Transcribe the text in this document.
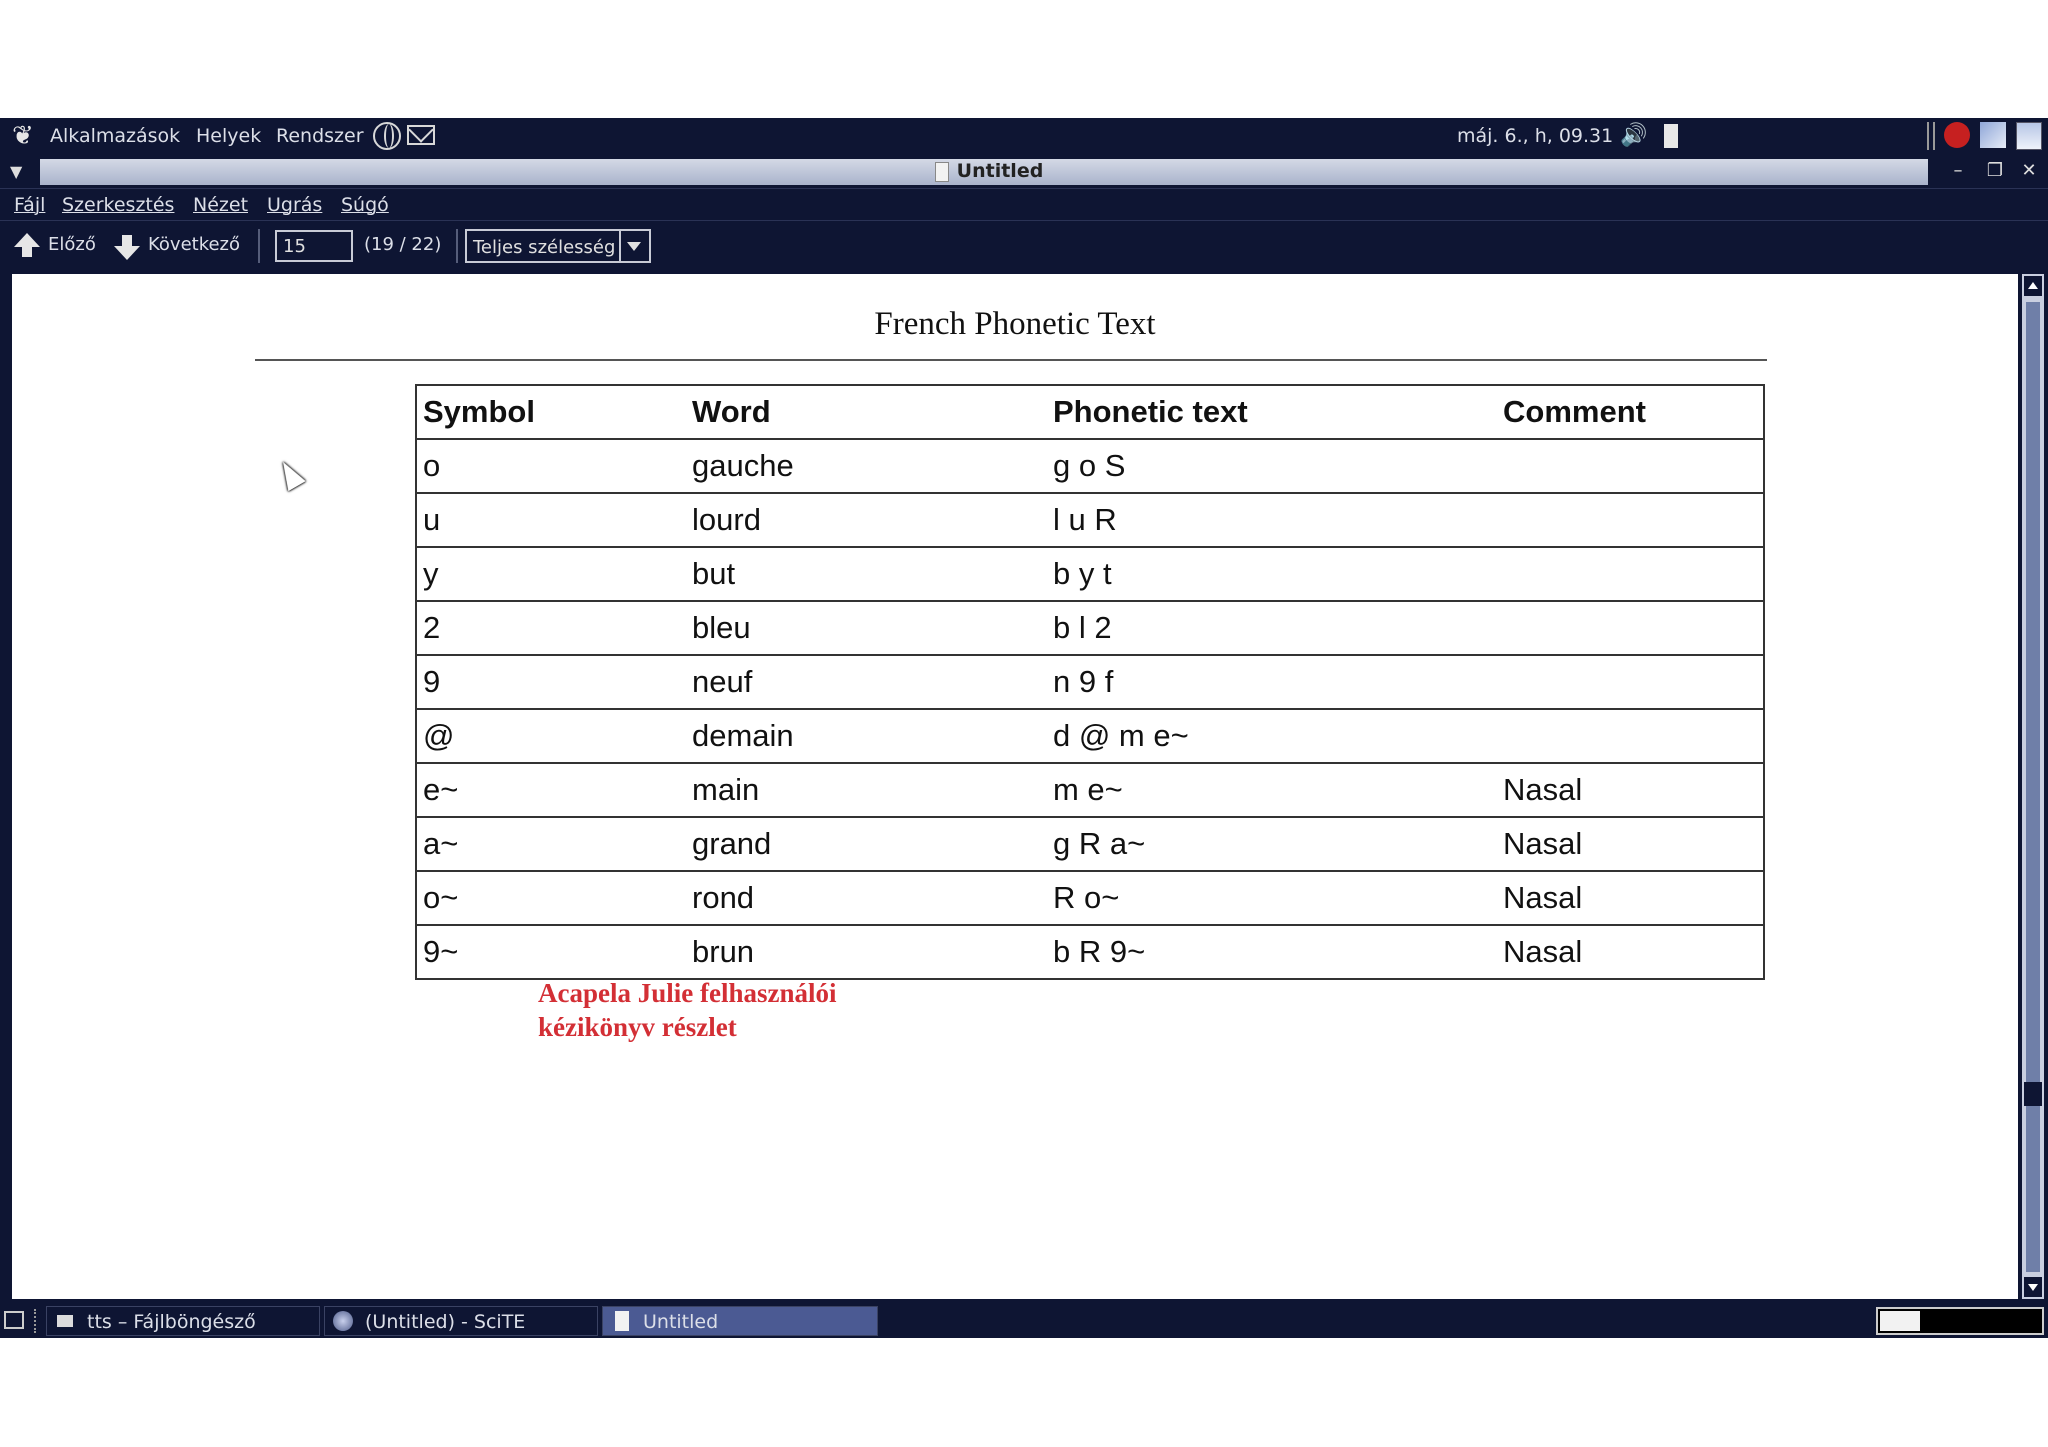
❦ Alkalmazások Helyek Rendszer	máj. 6., h, 09.31 🔊
▼	Untitled	–	❐ ✕
Fájl Szerkesztés Nézet Ugrás Súgó
Előző	Következő
15	(19 / 22) Teljes szélesség
French Phonetic Text
Symbol	Word	Phonetic text	Comment
o	gauche	g o S	
u	lourd	l u R	
y	but	b y t	
2	bleu	b l 2	
9	neuf	n 9 f	
@	demain	d @ m e~	
e~	main	m e~	Nasal
a~	grand	g R a~	Nasal
o~	rond	R o~	Nasal
9~	brun	b R 9~	Nasal
Acapela Julie felhasználói
kézikönyv részlet
tts – Fájlböngésző	(Untitled) - SciTE	Untitled
